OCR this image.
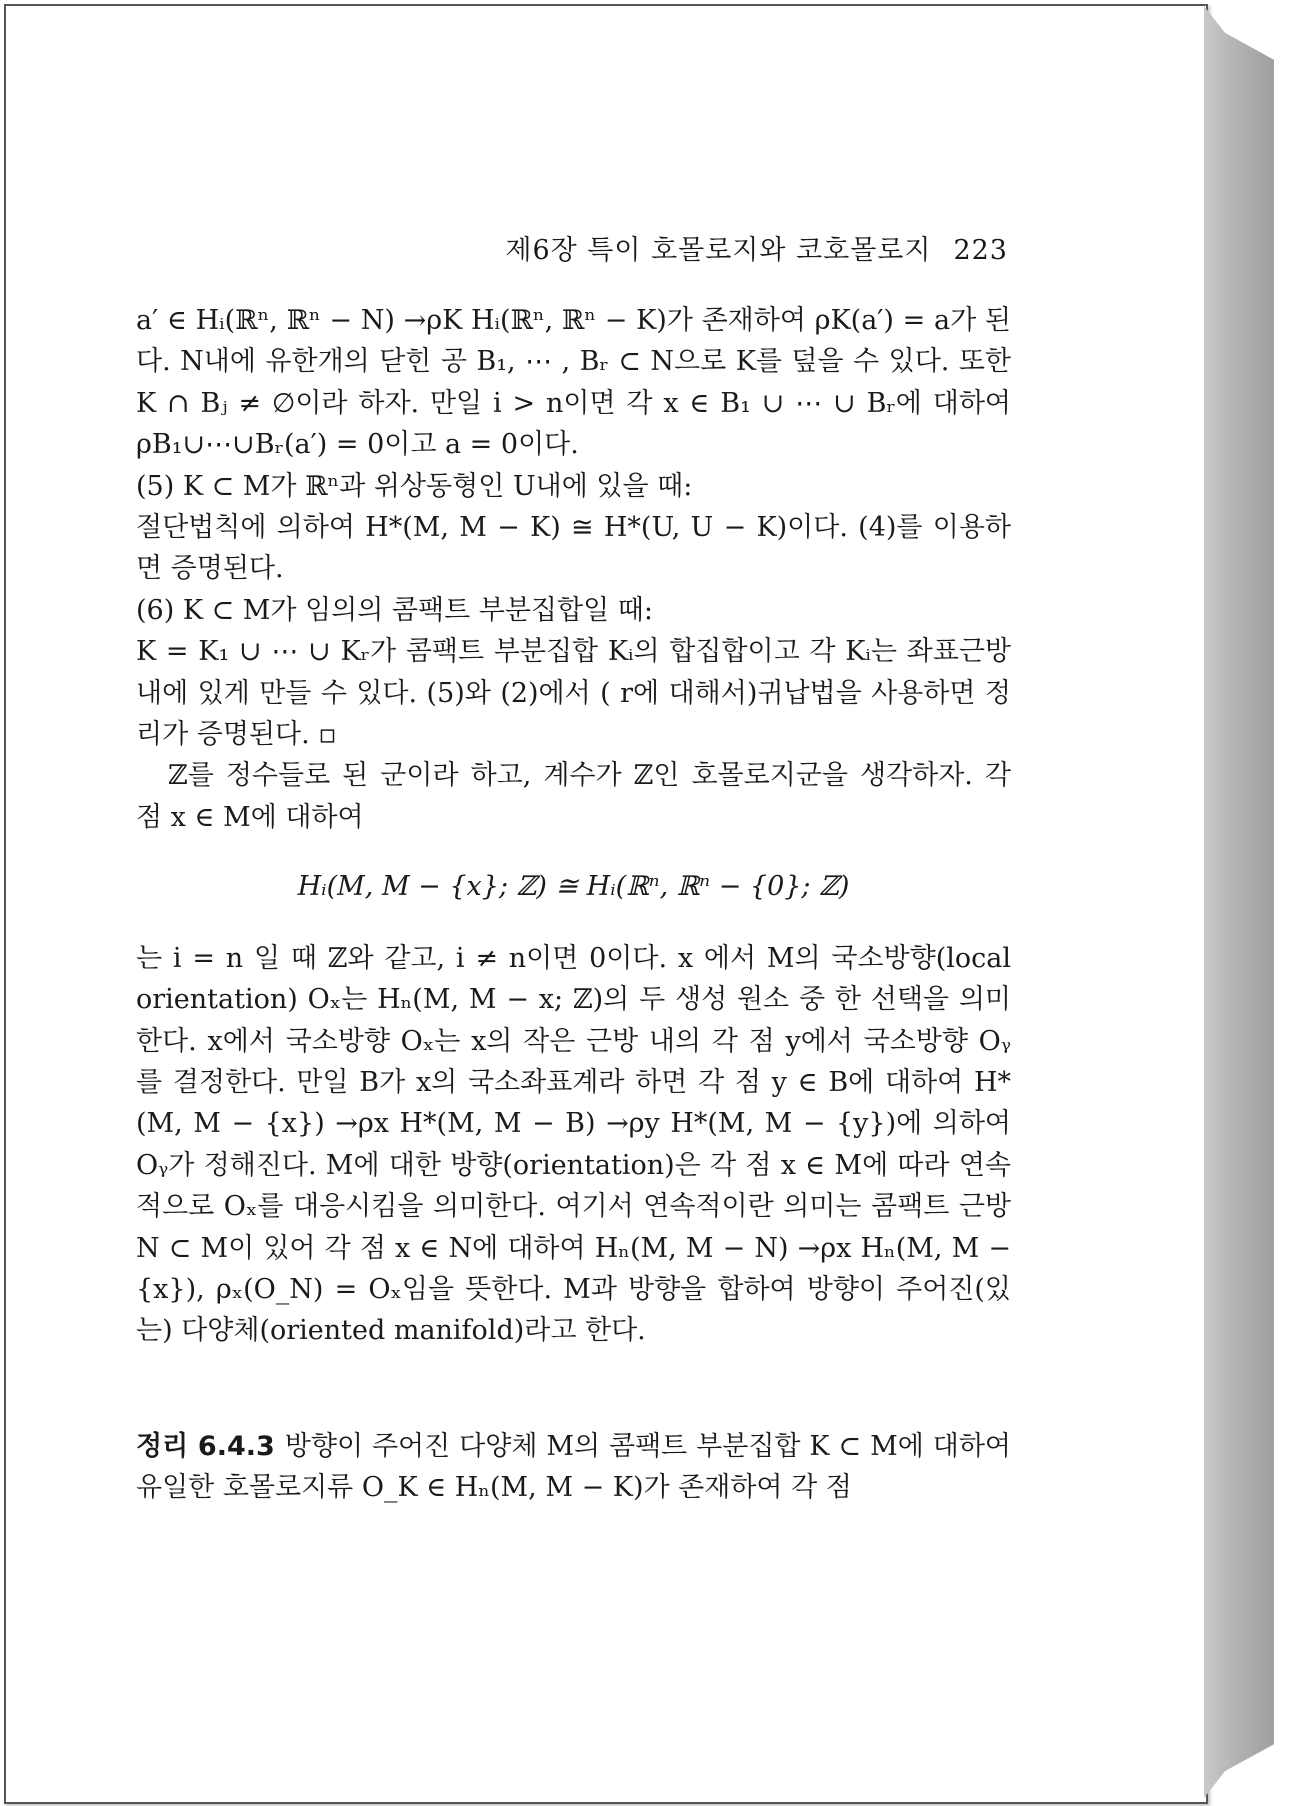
제6장 특이 호몰로지와 코호몰로지 223

a′ ∈ Hᵢ(ℝⁿ, ℝⁿ − N) →ρK Hᵢ(ℝⁿ, ℝⁿ − K)가 존재하여 ρK(a′) = a가 된다. N내에 유한개의 닫힌 공 B₁, ⋯ , Bᵣ ⊂ N으로 K를 덮을 수 있다. 또한 K ∩ Bⱼ ≠ ∅이라 하자. 만일 i > n이면 각 x ∈ B₁ ∪ ⋯ ∪ Bᵣ에 대하여 ρB₁∪⋯∪Bᵣ(a′) = 0이고 a = 0이다.

(5) K ⊂ M가 ℝⁿ과 위상동형인 U내에 있을 때:

절단법칙에 의하여 H*(M, M − K) ≅ H*(U, U − K)이다. (4)를 이용하면 증명된다.

(6) K ⊂ M가 임의의 콤팩트 부분집합일 때:

K = K₁ ∪ ⋯ ∪ Kᵣ가 콤팩트 부분집합 Kᵢ의 합집합이고 각 Kᵢ는 좌표근방 내에 있게 만들 수 있다. (5)와 (2)에서 ( r에 대해서)귀납법을 사용하면 정리가 증명된다. ▫

ℤ를 정수들로 된 군이라 하고, 계수가 ℤ인 호몰로지군을 생각하자. 각 점 x ∈ M에 대하여

Hᵢ(M, M − {x}; ℤ) ≅ Hᵢ(ℝⁿ, ℝⁿ − {0}; ℤ)

는 i = n 일 때 ℤ와 같고, i ≠ n이면 0이다. x 에서 M의 국소방향(local orientation) Oₓ는 Hₙ(M, M − x; ℤ)의 두 생성 원소 중 한 선택을 의미한다. x에서 국소방향 Oₓ는 x의 작은 근방 내의 각 점 y에서 국소방향 Oᵧ를 결정한다. 만일 B가 x의 국소좌표계라 하면 각 점 y ∈ B에 대하여 H*(M, M − {x}) →ρx H*(M, M − B) →ρy H*(M, M − {y})에 의하여 Oᵧ가 정해진다. M에 대한 방향(orientation)은 각 점 x ∈ M에 따라 연속적으로 Oₓ를 대응시킴을 의미한다. 여기서 연속적이란 의미는 콤팩트 근방 N ⊂ M이 있어 각 점 x ∈ N에 대하여 Hₙ(M, M − N) →ρx Hₙ(M, M − {x}), ρₓ(O_N) = Oₓ임을 뜻한다. M과 방향을 합하여 방향이 주어진(있는) 다양체(oriented manifold)라고 한다.

정리 6.4.3 방향이 주어진 다양체 M의 콤팩트 부분집합 K ⊂ M에 대하여 유일한 호몰로지류 O_K ∈ Hₙ(M, M − K)가 존재하여 각 점
